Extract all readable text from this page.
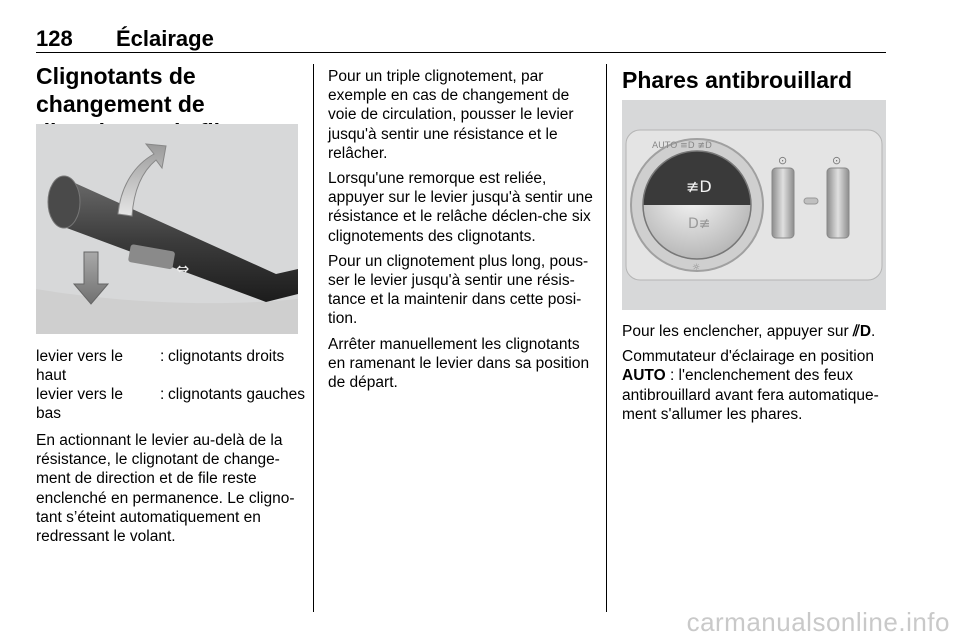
128 Éclairage
Clignotants de changement de
⇔
levier vers le haut
: clignotants droits
levier vers le bas
: clignotants gauches

En actionnant le levier au-delà de la résistance, le clignotant de change-ment de direction et de file reste enclenché en permanence. Le cligno-tant s’éteint automatiquement en redressant le volant.

Pour un triple clignotement, par exemple en cas de changement de voie de circulation, pousser le levier jusqu'à sentir une résistance et le relâcher.

Lorsqu'une remorque est reliée, appuyer sur le levier jusqu'à sentir une résistance et le relâche déclen-che six clignotements des clignotants.

Pour un clignotement plus long, pous-ser le levier jusqu'à sentir une résis-tance et la maintenir dans cette posi-tion.

Arrêter manuellement les clignotants en ramenant le levier dans sa position de départ.

Phares antibrouillard
≢D
D≢
AUTO ≡D ≢D
⊙	⊙
☼

Pour les enclencher, appuyer sur ⫽D.

Commutateur d'éclairage en position AUTO : l'enclenchement des feux antibrouillard avant fera automatique-ment s'allumer les phares.

carmanualsonline.info
